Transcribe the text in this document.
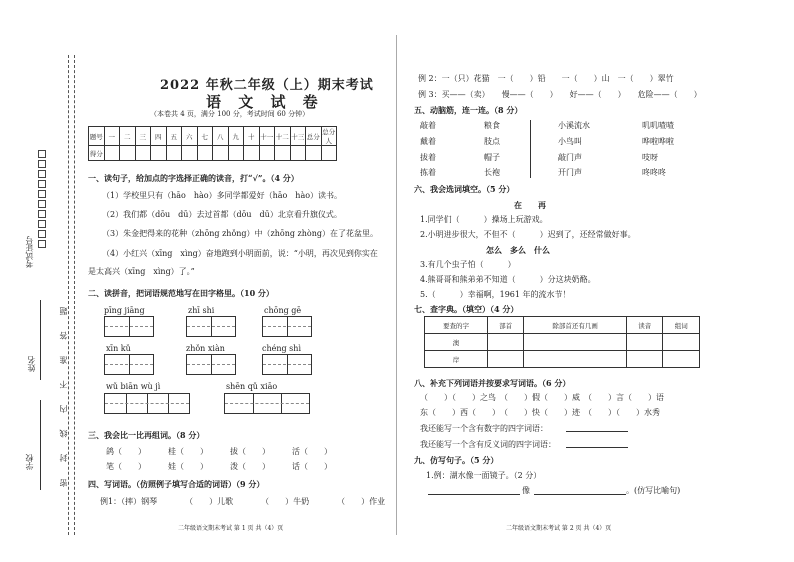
考试证号
姓名
学校	密 封 线 内 不 准 答 题
2022 年秋二年级（上）期末考试
语 文 试 卷
（本卷共 4 页，满分 100 分，考试时间 60 分钟）
题号	一	二	三	四	五	六	七	八	九	十	十一	十二	十三	总分	总分人
得分															
一、读句子，给加点的字选择正确的读音，打“√”。（4 分）
（1）学校里只有（hāo　hào）多同学都爱好（hāo　hào）读书。
（2）我们都（dōu　dū）去过首都（dōu　dū）北京看升旗仪式。
（3）朱金把得来的花种（zhōng zhǒng）中（zhōng zhòng）在了花盆里。
（4）小红兴（xīng　xìng）奋地跑到小明面前，说：“小明，再次见到你实在
是太高兴（xīng　xìng）了。”
二、读拼音，把词语规范地写在田字格里。（10 分）
pīng jiāng	zhī shi	chōng gē
xīn kǔ	zhǒn xiàn	chéng shì
wǔ biān wù jì	shēn qǔ xiāo
三、我会比一比再组词。（8 分）
鸽（　　）	桂（　　）	拔（　　）	活（　　）
笔（　　）	娃（　　）	泼（　　）	话（　　）
四、写词语。（仿照例子填写合适的词语）（9 分）
例1：（摔）钢琴　　　　（　　）儿歌　　　　（　　）牛奶　　　　（　　）作业
二年级语文期末考试 第 1 页 共（4）页
例 2：一（只）花猫　一（　　）铅　　一（　　）山　一（　　）翠竹
例 3：买——（卖）　　慢——（　　）　　好——（　　）　　危险——（　　）
五、动脑筋，连一连。（8 分）
敲着
戴着
拔着
拣着
粮食
肢点
帽子
长袍
小溪流水
小鸟叫
敲门声
开门声
叽叽喳喳
哗啦哗啦
吱呀
咚咚咚
六、我会选词填空。（5 分）
在　　再
1.同学们（　　　）操场上玩游戏。
2.小明进步很大，不但不（　　　）迟到了，还经常做好事。
怎么　多么　什么
3.有几个虫子怕（　　　）
4.熊哥哥和熊弟弟不知道（　　　）分这块奶酪。
5.（　　　）幸福啊，1961 年的流水节！
七、查字典。（填空）（4 分）
要查的字	部首	除部首还有几画	读音	组词
澳				
岸				
八、补充下列词语并按要求写词语。（6 分）
（　　）（　　）之鸟　（　　）假（　　）威　（　　）言（　　）语
东（　　）西（　　）　（　　）快（　　）迹　（　　）（　　）水秀
我还能写一个含有数字的四字词语：
我还能写一个含有反义词的四字词语：
九、仿写句子。（5 分）
1.例：湖水像一面镜子。（2 分）
像	。(仿写比喻句)
二年级语文期末考试 第 2 页 共（4）页
